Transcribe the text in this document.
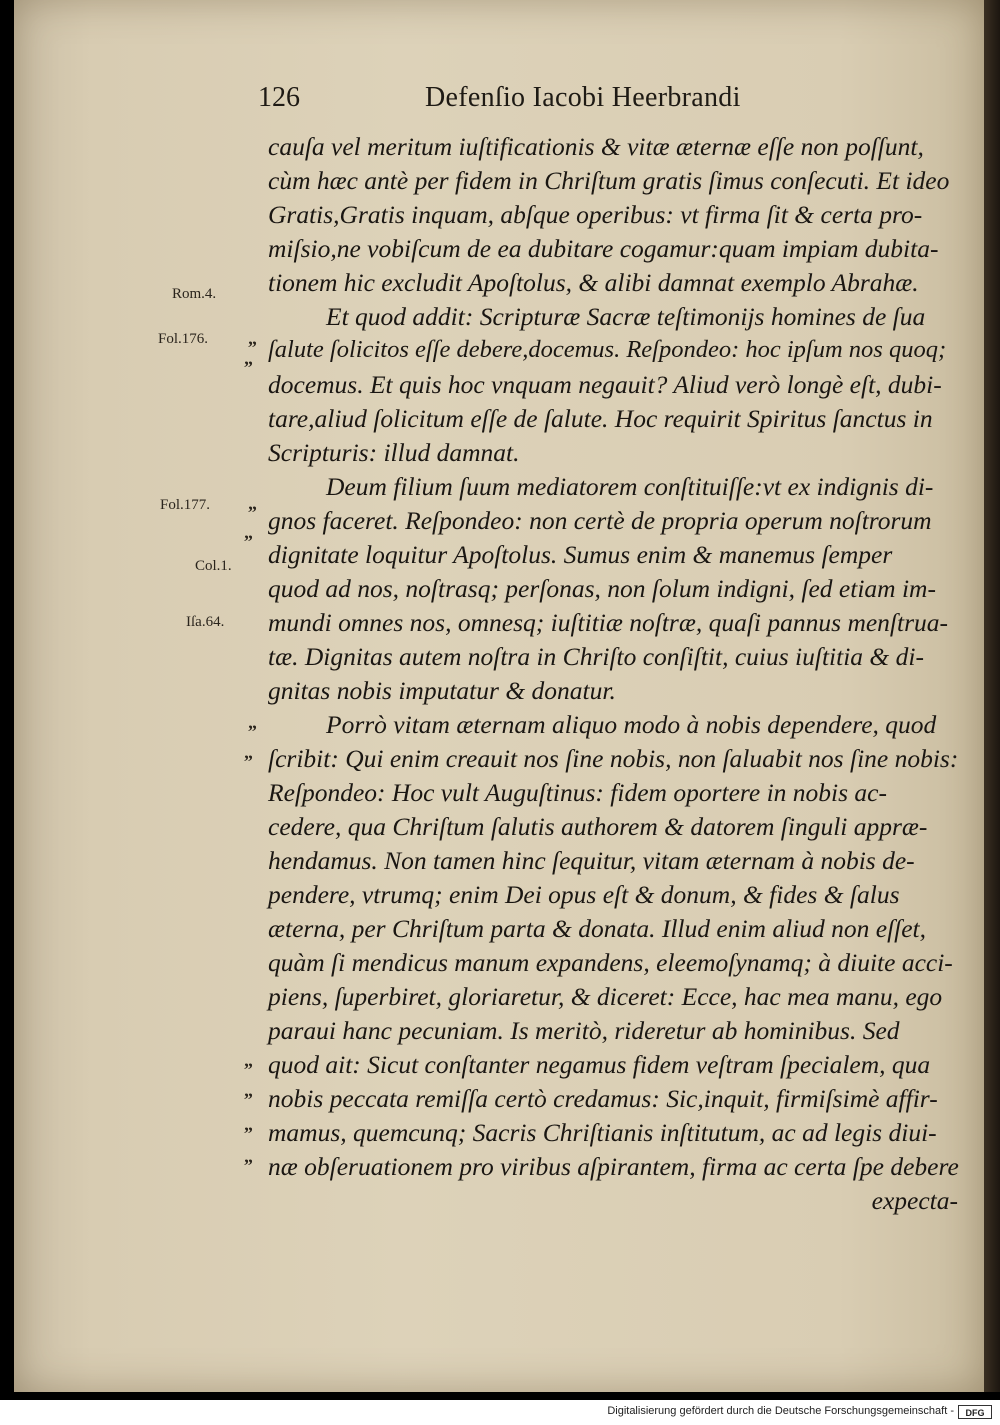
126	Defenſio Iacobi Heerbrandi
Rom.4.
Fol.176.
Fol.177.
Col.1.
Iſa.64.
„
„
„
„
„
„
„
„
„
„
cauſa vel meritum iuſtificationis & vitæ æternæ eſſe non poſſunt,
cùm hæc antè per fidem in Chriſtum gratis ſimus conſecuti. Et ideo
Gratis,Gratis inquam, abſque operibus: vt firma ſit & certa pro-
miſsio,ne vobiſcum de ea dubitare cogamur:quam impiam dubita-
tionem hic excludit Apoſtolus, & alibi damnat exemplo Abrahæ.
Et quod addit: Scripturæ Sacræ teſtimonijs homines de ſua
ſalute ſolicitos eſſe debere,docemus. Reſpondeo: hoc ipſum nos quoq;
docemus. Et quis hoc vnquam negauit? Aliud verò longè eſt, dubi-
tare,aliud ſolicitum eſſe de ſalute. Hoc requirit Spiritus ſanctus in
Scripturis: illud damnat.
Deum filium ſuum mediatorem conſtituiſſe:vt ex indignis di-
gnos faceret. Reſpondeo: non certè de propria operum noſtrorum
dignitate loquitur Apoſtolus. Sumus enim & manemus ſemper
quod ad nos, noſtrasq; perſonas, non ſolum indigni, ſed etiam im-
mundi omnes nos, omnesq; iuſtitiæ noſtræ, quaſi pannus menſtrua-
tæ. Dignitas autem noſtra in Chriſto conſiſtit, cuius iuſtitia & di-
gnitas nobis imputatur & donatur.
Porrò vitam æternam aliquo modo à nobis dependere, quod
ſcribit: Qui enim creauit nos ſine nobis, non ſaluabit nos ſine nobis:
Reſpondeo: Hoc vult Auguſtinus: fidem oportere in nobis ac-
cedere, qua Chriſtum ſalutis authorem & datorem ſinguli appræ-
hendamus. Non tamen hinc ſequitur, vitam æternam à nobis de-
pendere, vtrumq; enim Dei opus eſt & donum, & fides & ſalus
æterna, per Chriſtum parta & donata. Illud enim aliud non eſſet,
quàm ſi mendicus manum expandens, eleemoſynamq; à diuite acci-
piens, ſuperbiret, gloriaretur, & diceret: Ecce, hac mea manu, ego
paraui hanc pecuniam. Is meritò, rideretur ab hominibus. Sed
quod ait: Sicut conſtanter negamus fidem veſtram ſpecialem, qua
nobis peccata remiſſa certò credamus: Sic,inquit, firmiſsimè affir-
mamus, quemcunq; Sacris Chriſtianis inſtitutum, ac ad legis diui-
næ obſeruationem pro viribus aſpirantem, firma ac certa ſpe debere
expecta-
Digitalisierung gefördert durch die Deutsche Forschungsgemeinschaft -	DFG
